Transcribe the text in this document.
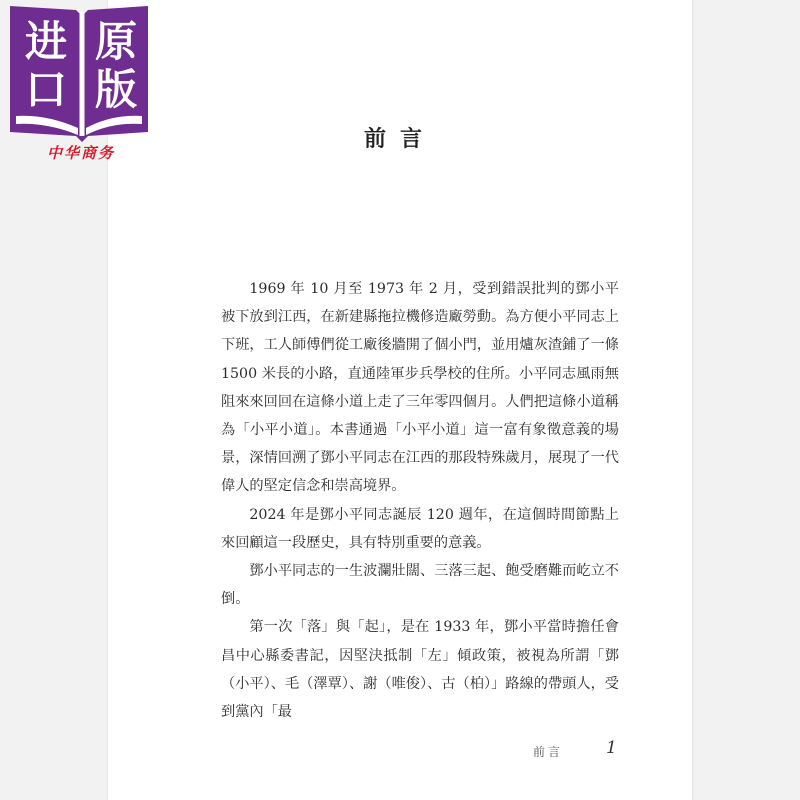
进 原
口 版
中华商务
前言

1969 年 10 月至 1973 年 2 月，受到錯誤批判的鄧小平被下放到江西，在新建縣拖拉機修造廠勞動。為方便小平同志上下班，工人師傅們從工廠後牆開了個小門，並用爐灰渣鋪了一條 1500 米長的小路，直通陸軍步兵學校的住所。小平同志風雨無阻來來回回在這條小道上走了三年零四個月。人們把這條小道稱為「小平小道」。本書通過「小平小道」這一富有象徵意義的場景，深情回溯了鄧小平同志在江西的那段特殊歲月，展現了一代偉人的堅定信念和崇高境界。

2024 年是鄧小平同志誕辰 120 週年，在這個時間節點上來回顧這一段歷史，具有特別重要的意義。

鄧小平同志的一生波瀾壯闊、三落三起、飽受磨難而屹立不倒。

第一次「落」與「起」，是在 1933 年，鄧小平當時擔任會昌中心縣委書記，因堅決抵制「左」傾政策，被視為所謂「鄧（小平）、毛（澤覃）、謝（唯俊）、古（柏）」路線的帶頭人，受到黨內「最

前言	1
